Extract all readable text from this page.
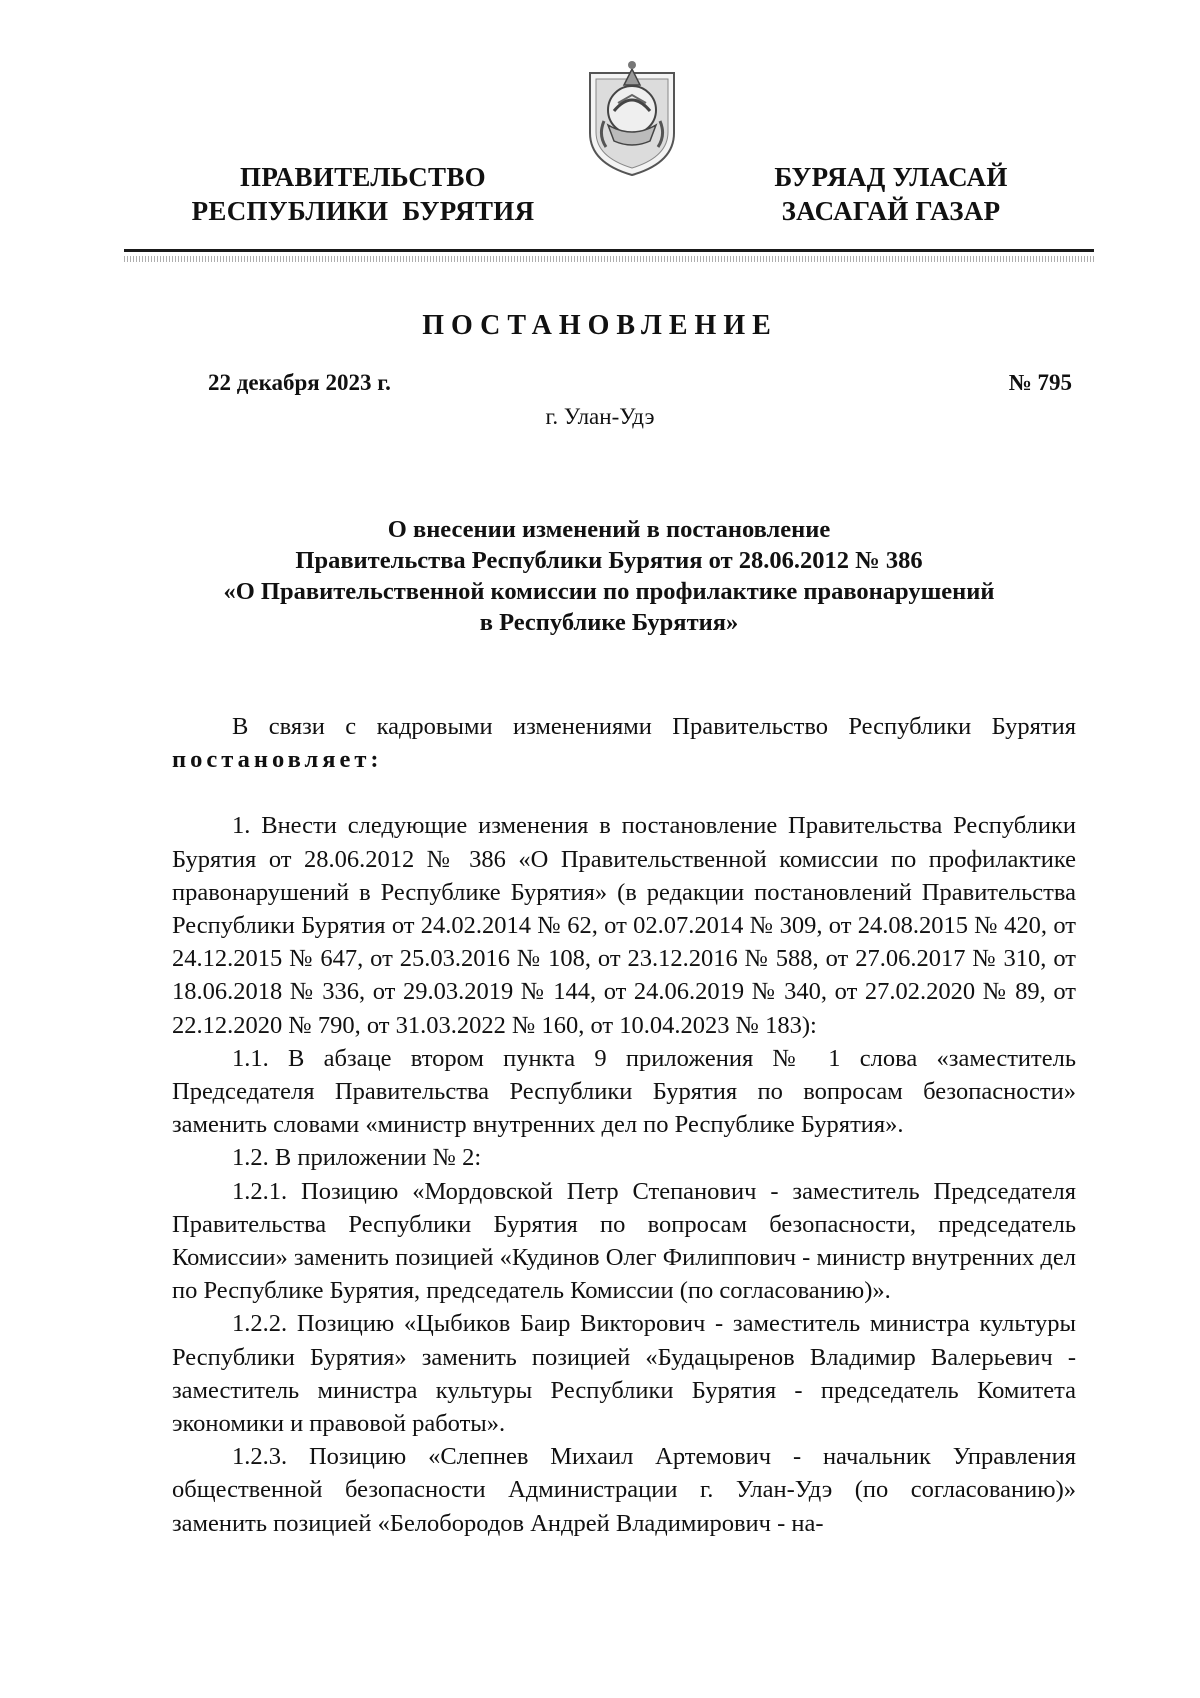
ПРАВИТЕЛЬСТВО
РЕСПУБЛИКИ  БУРЯТИЯ
БУРЯАД УЛАСАЙ
ЗАСАГАЙ ГАЗАР
ПОСТАНОВЛЕНИЕ
22 декабря 2023 г.	№ 795
г. Улан-Удэ
О внесении изменений в постановление
Правительства Республики Бурятия от 28.06.2012 № 386
«О Правительственной комиссии по профилактике правонарушений
в Республике Бурятия»

В связи с кадровыми изменениями Правительство Республики Бурятия постановляет:

1. Внести следующие изменения в постановление Правительства Республики Бурятия от 28.06.2012 № 386 «О Правительственной комиссии по профилактике правонарушений в Республике Бурятия» (в редакции постановлений Правительства Республики Бурятия от 24.02.2014 № 62, от 02.07.2014 № 309, от 24.08.2015 № 420, от 24.12.2015 № 647, от 25.03.2016 № 108, от 23.12.2016 № 588, от 27.06.2017 № 310, от 18.06.2018 № 336, от 29.03.2019 № 144, от 24.06.2019 № 340, от 27.02.2020 № 89, от 22.12.2020 № 790, от 31.03.2022 № 160, от 10.04.2023 № 183):

1.1. В абзаце втором пункта 9 приложения № 1 слова «заместитель Председателя Правительства Республики Бурятия по вопросам безопасности» заменить словами «министр внутренних дел по Республике Бурятия».

1.2. В приложении № 2:

1.2.1. Позицию «Мордовской Петр Степанович - заместитель Председателя Правительства Республики Бурятия по вопросам безопасности, председатель Комиссии» заменить позицией «Кудинов Олег Филиппович - министр внутренних дел по Республике Бурятия, председатель Комиссии (по согласованию)».

1.2.2. Позицию «Цыбиков Баир Викторович - заместитель министра культуры Республики Бурятия» заменить позицией «Будацыренов Владимир Валерьевич - заместитель министра культуры Республики Бурятия - председатель Комитета экономики и правовой работы».

1.2.3. Позицию «Слепнев Михаил Артемович - начальник Управления общественной безопасности Администрации г. Улан-Удэ (по согласованию)» заменить позицией «Белобородов Андрей Владимирович - на-
